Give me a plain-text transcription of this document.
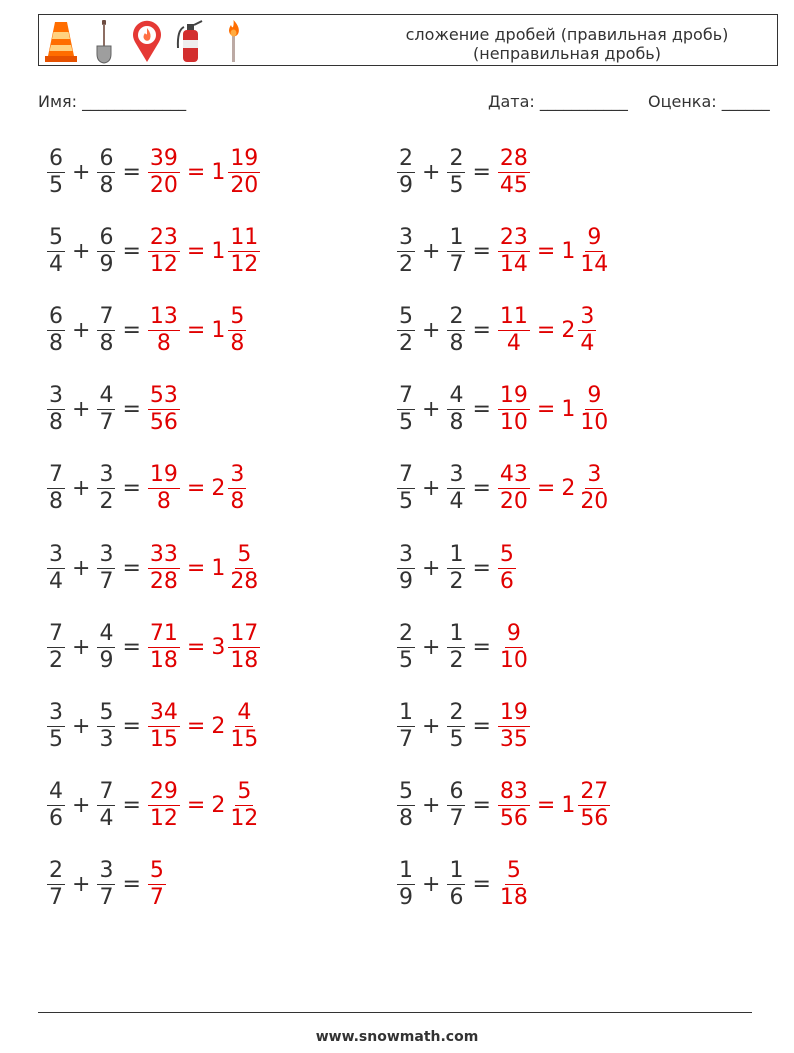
сложение дробей (правильная дробь)
(неправильная дробь)
Имя: _____________	Дата: ___________ Оценка: ______
$\frac{6}{5} + \frac{6}{8} = \frac{39}{20} = 1 \frac{19}{20}$	$\frac{2}{9} + \frac{2}{5} = \frac{28}{45}$
$\frac{5}{4} + \frac{6}{9} = \frac{23}{12} = 1 \frac{11}{12}$	$\frac{3}{2} + \frac{1}{7} = \frac{23}{14} = 1 \frac{9}{14}$
$\frac{6}{8} + \frac{7}{8} = \frac{13}{8} = 1 \frac{5}{8}$	$\frac{5}{2} + \frac{2}{8} = \frac{11}{4} = 2 \frac{3}{4}$
$\frac{3}{8} + \frac{4}{7} = \frac{53}{56}$	$\frac{7}{5} + \frac{4}{8} = \frac{19}{10} = 1 \frac{9}{10}$
$\frac{7}{8} + \frac{3}{2} = \frac{19}{8} = 2 \frac{3}{8}$	$\frac{7}{5} + \frac{3}{4} = \frac{43}{20} = 2 \frac{3}{20}$
$\frac{3}{4} + \frac{3}{7} = \frac{33}{28} = 1 \frac{5}{28}$	$\frac{3}{9} + \frac{1}{2} = \frac{5}{6}$
$\frac{7}{2} + \frac{4}{9} = \frac{71}{18} = 3 \frac{17}{18}$	$\frac{2}{5} + \frac{1}{2} = \frac{9}{10}$
$\frac{3}{5} + \frac{5}{3} = \frac{34}{15} = 2 \frac{4}{15}$	$\frac{1}{7} + \frac{2}{5} = \frac{19}{35}$
$\frac{4}{6} + \frac{7}{4} = \frac{29}{12} = 2 \frac{5}{12}$	$\frac{5}{8} + \frac{6}{7} = \frac{83}{56} = 1 \frac{27}{56}$
$\frac{2}{7} + \frac{3}{7} = \frac{5}{7}$	$\frac{1}{9} + \frac{1}{6} = \frac{5}{18}$
www.snowmath.com
